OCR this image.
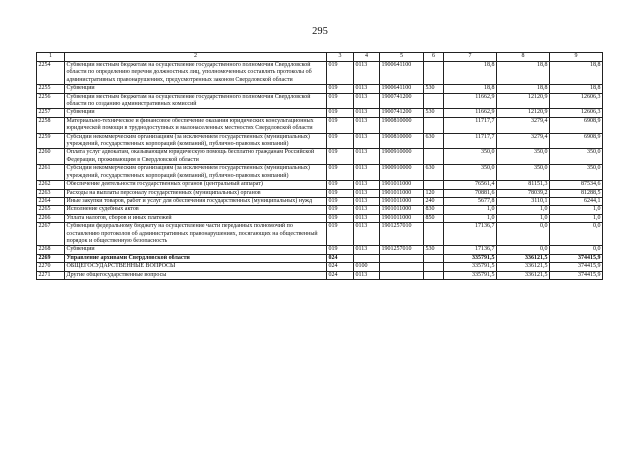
295
1	2	3	4	5	6	7	8	9
2254	Субвенции местным бюджетам на осуществление государственного полномочия Свердловской области по определению перечня должностных лиц, уполномоченных составлять протоколы об административных правонарушениях, предусмотренных законом Свердловской области	019	0113	1900641100		18,8	18,8	18,8
2255	Субвенции	019	0113	1900641100	530	18,8	18,8	18,8
2256	Субвенции местным бюджетам на осуществление государственного полномочия Свердловской области по созданию административных комиссий	019	0113	1900741200		11662,9	12120,9	12606,3
2257	Субвенции	019	0113	1900741200	530	11662,9	12120,9	12606,3
2258	Материально-техническое и финансовое обеспечение оказания юридических консультационных юридической помощи в труднодоступных и малонаселенных местностях Свердловской области	019	0113	1900810000		11717,7	3279,4	6908,9
2259	Субсидии некоммерческим организациям (за исключением государственных (муниципальных) учреждений, государственных корпораций (компаний), публично-правовых компаний)	019	0113	1900810000	630	11717,7	3279,4	6908,9
2260	Оплата услуг адвокатам, оказывающим юридическую помощь бесплатно гражданам Российской Федерации, проживающим в Свердловской области	019	0113	1900910000		350,0	350,0	350,0
2261	Субсидии некоммерческим организациям (за исключением государственных (муниципальных) учреждений, государственных корпораций (компаний), публично-правовых компаний)	019	0113	1900910000	630	350,0	350,0	350,0
2262	Обеспечение деятельности государственных органов (центральный аппарат)	019	0113	1901011000		76561,4	81151,3	87534,6
2263	Расходы на выплаты персоналу государственных (муниципальных) органов	019	0113	1901011000	120	70881,6	78039,2	81288,5
2264	Иные закупки товаров, работ и услуг для обеспечения государственных (муниципальных) нужд	019	0113	1901011000	240	5677,8	3110,1	6244,1
2265	Исполнение судебных актов	019	0113	1901011000	830	1,0	1,0	1,0
2266	Уплата налогов, сборов и иных платежей	019	0113	1901011000	850	1,0	1,0	1,0
2267	Субвенции федеральному бюджету на осуществление части переданных полномочий по составлению протоколов об административных правонарушениях, посягающих на общественный порядок и общественную безопасность	019	0113	1901257010		17136,7	0,0	0,0
2268	Субвенции	019	0113	1901257010	530	17136,7	0,0	0,0
2269	Управление архивами Свердловской области	024				335791,5	336121,5	374415,9
2270	ОБЩЕГОСУДАРСТВЕННЫЕ ВОПРОСЫ	024	0100			335791,5	336121,5	374415,9
2271	Другие общегосударственные вопросы	024	0113			335791,5	336121,5	374415,9
